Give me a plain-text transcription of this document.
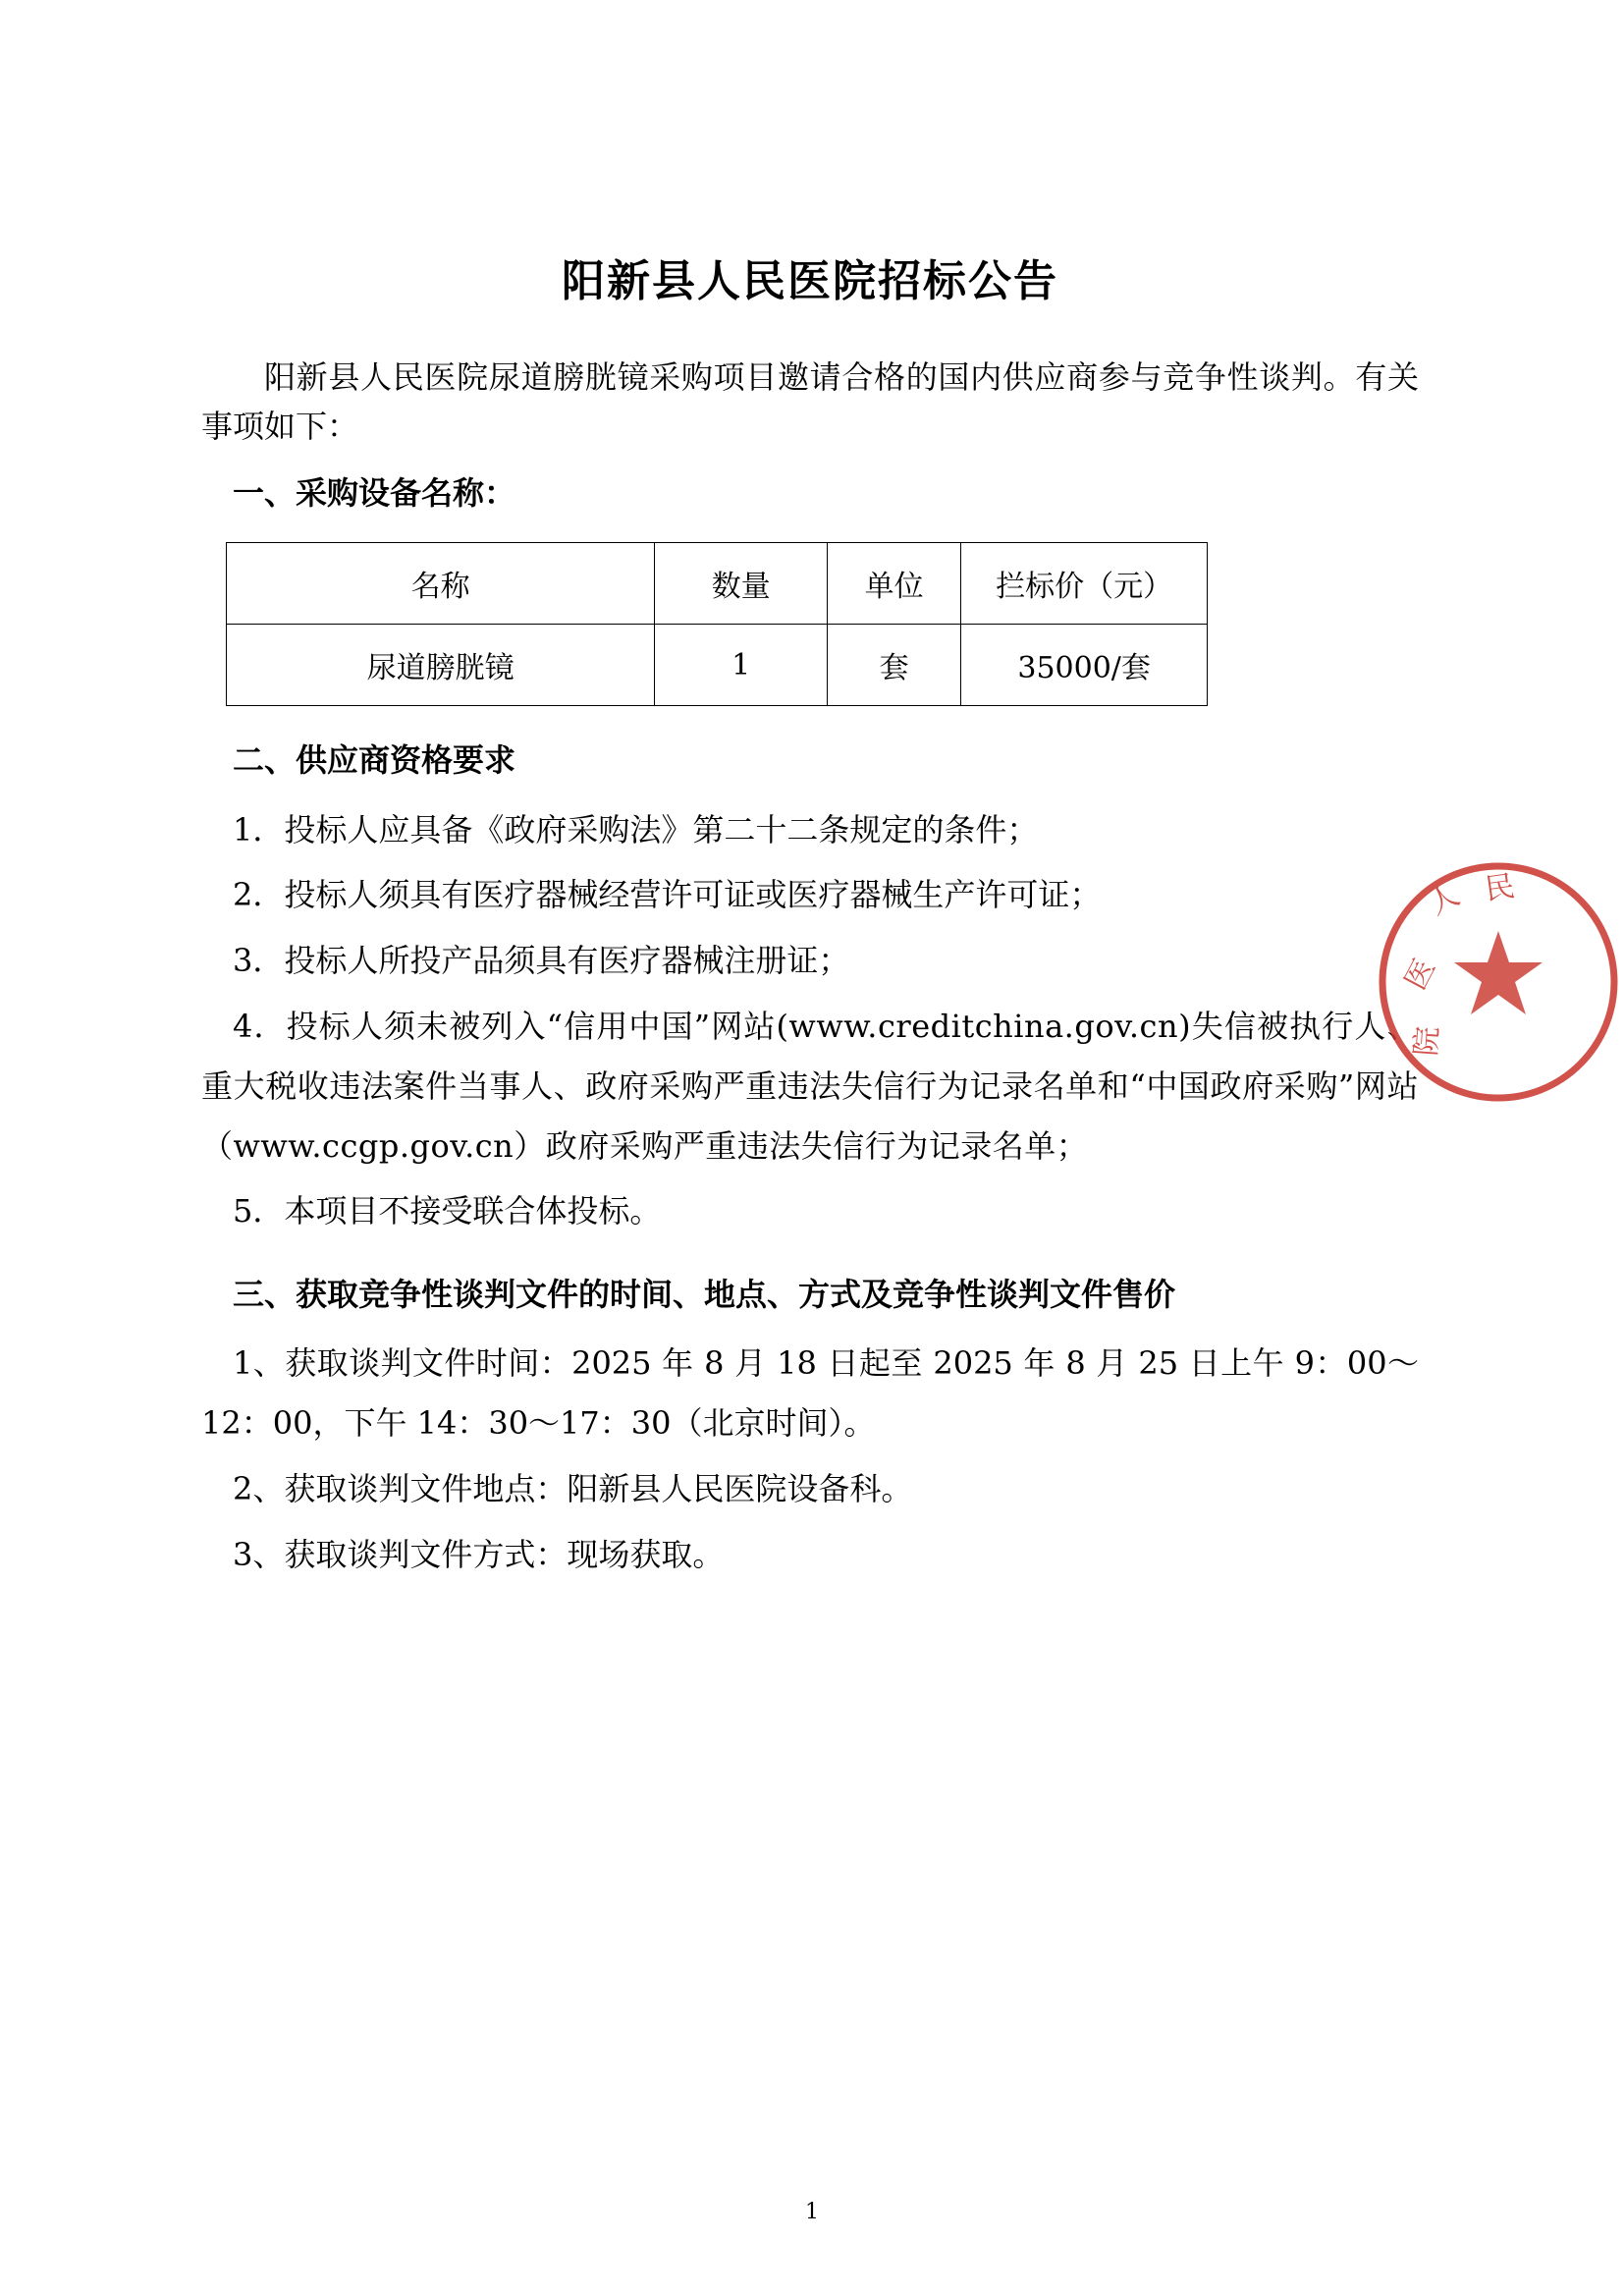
阳新县人民医院招标公告

阳新县人民医院尿道膀胱镜采购项目邀请合格的国内供应商参与竞争性谈判。有关事项如下：

一、采购设备名称：
名称	数量	单位	拦标价（元）
尿道膀胱镜	1	套	35000/套
二、供应商资格要求

1．投标人应具备《政府采购法》第二十二条规定的条件；

2．投标人须具有医疗器械经营许可证或医疗器械生产许可证；

3．投标人所投产品须具有医疗器械注册证；

4．投标人须未被列入“信用中国”网站(www.creditchina.gov.cn)失信被执行人、重大税收违法案件当事人、政府采购严重违法失信行为记录名单和“中国政府采购”网站（www.ccgp.gov.cn）政府采购严重违法失信行为记录名单；

5．本项目不接受联合体投标。

三、获取竞争性谈判文件的时间、地点、方式及竞争性谈判文件售价

1、获取谈判文件时间：2025 年 8 月 18 日起至 2025 年 8 月 25 日上午 9：00～12：00，下午 14：30～17：30（北京时间）。

2、获取谈判文件地点：阳新县人民医院设备科。

3、获取谈判文件方式：现场获取。

人 民
医
院
1
